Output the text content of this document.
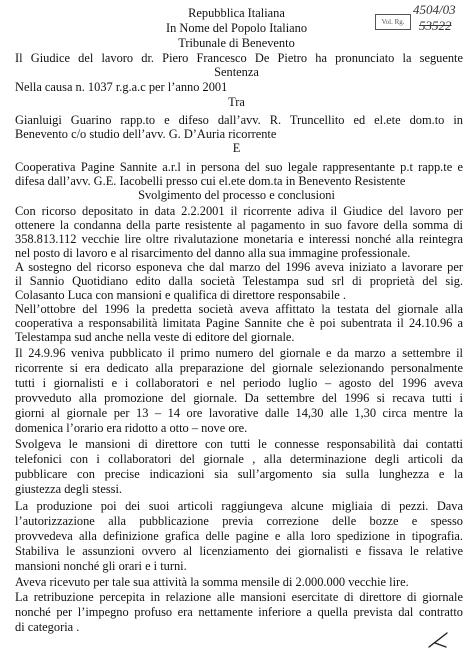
Vol. Rg.
4504/03
53522
Repubblica Italiana
In Nome del Popolo Italiano
Tribunale di Benevento
Il Giudice del lavoro dr. Piero Francesco De Pietro ha pronunciato la seguente
Sentenza
Nella causa n. 1037 r.g.a.c per l’anno 2001
Tra
Gianluigi Guarino rapp.to e difeso dall’avv. R. Truncellito ed el.ete dom.to in
Benevento c/o studio dell’avv. G. D’Auria ricorrente
E
Cooperativa Pagine Sannite a.r.l in persona del suo legale rappresentante p.t rapp.te e
difesa dall’avv. G.E. Iacobelli presso cui el.ete dom.ta in Benevento Resistente
Svolgimento del processo e conclusioni
Con ricorso depositato in data 2.2.2001 il ricorrente adiva il Giudice del lavoro per
ottenere la condanna della parte resistente al pagamento in suo favore della somma di
358.813.112 vecchie lire oltre rivalutazione monetaria e interessi nonché alla reintegra
nel posto di lavoro e al risarcimento del danno alla sua immagine professionale.
A sostegno del ricorso esponeva che dal marzo del 1996 aveva iniziato a lavorare per
il Sannio Quotidiano edito dalla società Telestampa sud srl di proprietà del sig.
Colasanto Luca con mansioni e qualifica di direttore responsabile .
Nell’ottobre del 1996 la predetta società aveva affittato la testata del giornale alla
cooperativa a responsabilità limitata Pagine Sannite che è poi subentrata il 24.10.96 a
Telestampa sud anche nella veste di editore del giornale.
Il 24.9.96 veniva pubblicato il primo numero del giornale e da marzo a settembre il
ricorrente si era dedicato alla preparazione del giornale selezionando personalmente
tutti i giornalisti e i collaboratori e nel periodo luglio – agosto del 1996 aveva
provveduto alla promozione del giornale. Da settembre del 1996 si recava tutti i
giorni al giornale per 13 – 14 ore lavorative dalle 14,30 alle 1,30 circa mentre la
domenica l’orario era ridotto a otto – nove ore.
Svolgeva le mansioni di direttore con tutti le connesse responsabilità dai contatti
telefonici con i collaboratori del giornale , alla determinazione degli articoli da
pubblicare con precise indicazioni sia sull’argomento sia sulla lunghezza e la
giustezza degli stessi.
La produzione poi dei suoi articoli raggiungeva alcune migliaia di pezzi. Dava
l’autorizzazione alla pubblicazione previa correzione delle bozze e spesso
provvedeva alla definizione grafica delle pagine e alla loro spedizione in tipografia.
Stabiliva le assunzioni ovvero al licenziamento dei giornalisti e fissava le relative
mansioni nonché gli orari e i turni.
Aveva ricevuto per tale sua attività la somma mensile di 2.000.000 vecchie lire.
La retribuzione percepita in relazione alle mansioni esercitate di direttore di giornale
nonché per l’impegno profuso era nettamente inferiore a quella prevista dal contratto
di categoria .
